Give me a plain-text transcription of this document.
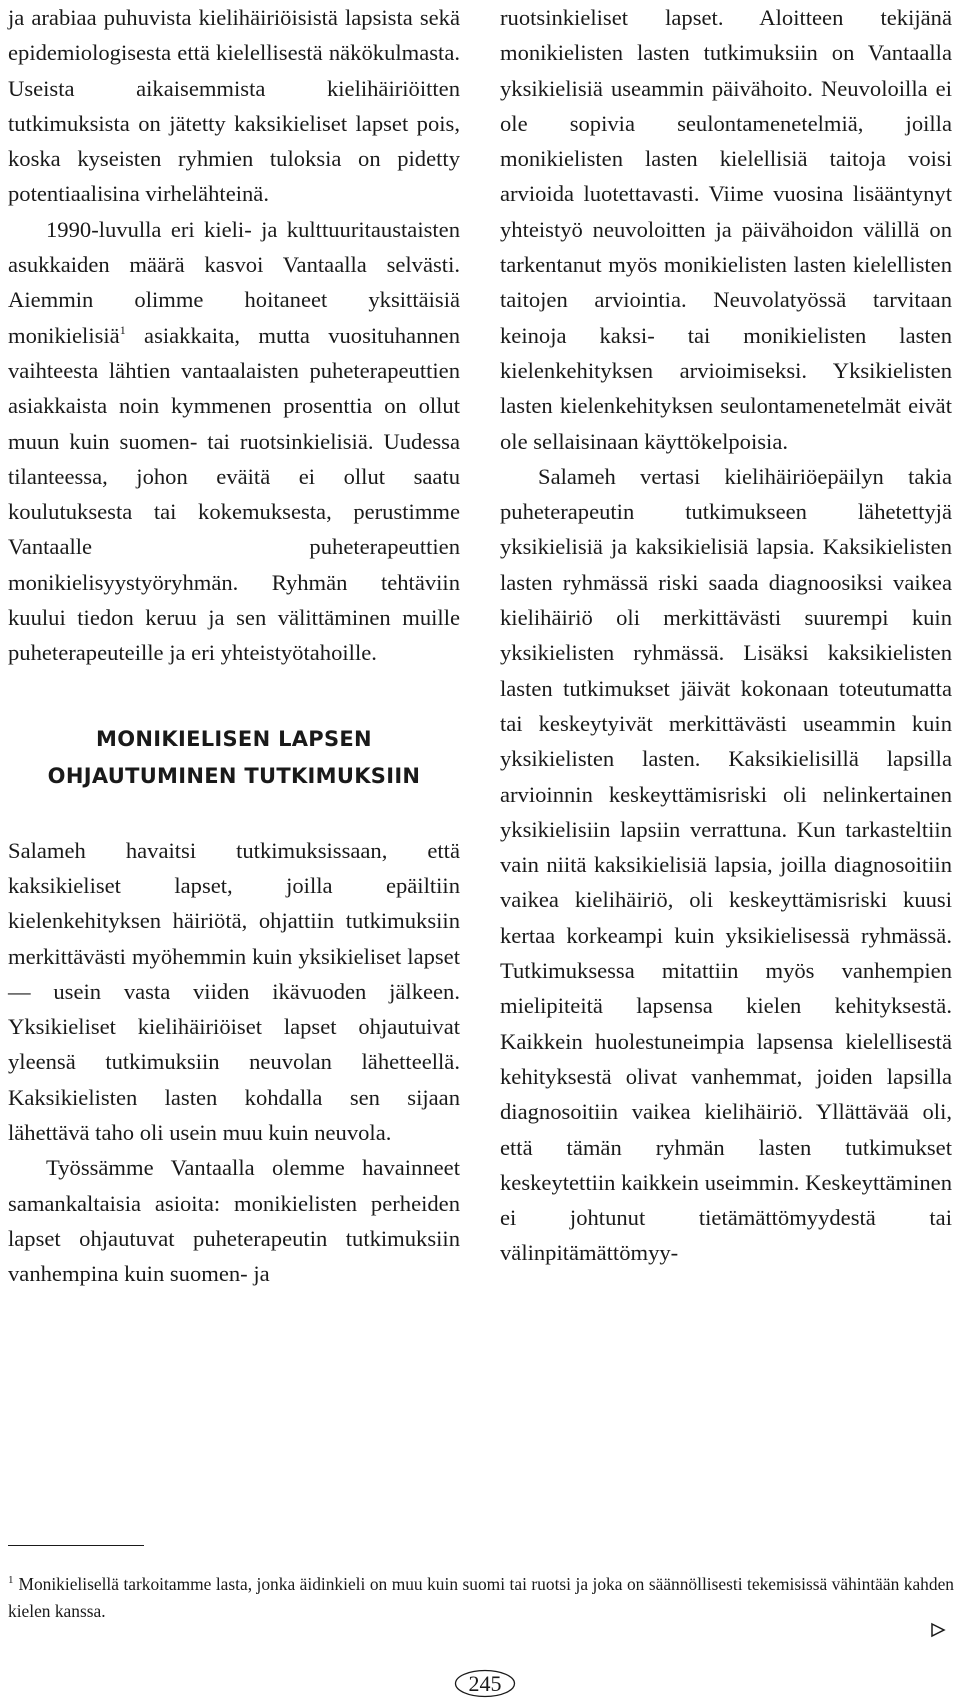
ja arabiaa puhuvista kielihäiriöisistä lapsista sekä epidemiologisesta että kielellisestä näkökulmasta. Useista aikaisemmista kielihäiriöitten tutkimuksista on jätetty kaksikieliset lapset pois, koska kyseisten ryhmien tuloksia on pidetty potentiaalisina virhelähteinä.

1990-luvulla eri kieli- ja kulttuuritaustaisten asukkaiden määrä kasvoi Vantaalla selvästi. Aiemmin olimme hoitaneet yksittäisiä monikielisiä$^1$ asiakkaita, mutta vuosituhannen vaihteesta lähtien vantaalaisten puheterapeuttien asiakkaista noin kymmenen prosenttia on ollut muun kuin suomen- tai ruotsinkielisiä. Uudessa tilanteessa, johon eväitä ei ollut saatu koulutuksesta tai kokemuksesta, perustimme Vantaalle puheterapeuttien monikielisyystyöryhmän. Ryhmän tehtäviin kuului tiedon keruu ja sen välittäminen muille puheterapeuteille ja eri yhteistyötahoille.

MONIKIELISEN LAPSEN
OHJAUTUMINEN TUTKIMUKSIIN

Salameh havaitsi tutkimuksissaan, että kaksikieliset lapset, joilla epäiltiin kielenkehityksen häiriötä, ohjattiin tutkimuksiin merkittävästi myöhemmin kuin yksikieliset lapset — usein vasta viiden ikävuoden jälkeen. Yksikieliset kielihäiriöiset lapset ohjautuivat yleensä tutkimuksiin neuvolan lähetteellä. Kaksikielisten lasten kohdalla sen sijaan lähettävä taho oli usein muu kuin neuvola.

Työssämme Vantaalla olemme havainneet samankaltaisia asioita: monikielisten perheiden lapset ohjautuvat puheterapeutin tutkimuksiin vanhempina kuin suomen- ja

ruotsinkieliset lapset. Aloitteen tekijänä monikielisten lasten tutkimuksiin on Vantaalla yksikielisiä useammin päivähoito. Neuvoloilla ei ole sopivia seulontamenetelmiä, joilla monikielisten lasten kielellisiä taitoja voisi arvioida luotettavasti. Viime vuosina lisääntynyt yhteistyö neuvoloitten ja päivähoidon välillä on tarkentanut myös monikielisten lasten kielellisten taitojen arviointia. Neuvolatyössä tarvitaan keinoja kaksi- tai monikielisten lasten kielenkehityksen arvioimiseksi. Yksikielisten lasten kielenkehityksen seulontamenetelmät eivät ole sellaisinaan käyttökelpoisia.

Salameh vertasi kielihäiriöepäilyn takia puheterapeutin tutkimukseen lähetettyjä yksikielisiä ja kaksikielisiä lapsia. Kaksikielisten lasten ryhmässä riski saada diagnoosiksi vaikea kielihäiriö oli merkittävästi suurempi kuin yksikielisten ryhmässä. Lisäksi kaksikielisten lasten tutkimukset jäivät kokonaan toteutumatta tai keskeytyivät merkittävästi useammin kuin yksikielisten lasten. Kaksikielisillä lapsilla arvioinnin keskeyttämisriski oli nelinkertainen yksikielisiin lapsiin verrattuna. Kun tarkasteltiin vain niitä kaksikielisiä lapsia, joilla diagnosoitiin vaikea kielihäiriö, oli keskeyttämisriski kuusi kertaa korkeampi kuin yksikielisessä ryhmässä. Tutkimuksessa mitattiin myös vanhempien mielipiteitä lapsensa kielen kehityksestä. Kaikkein huolestuneimpia lapsensa kielellisestä kehityksestä olivat vanhemmat, joiden lapsilla diagnosoitiin vaikea kielihäiriö. Yllättävää oli, että tämän ryhmän lasten tutkimukset keskeytettiin kaikkein useimmin. Keskeyttäminen ei johtunut tietämättömyydestä tai välinpitämättömyy-

$^1$ Monikielisellä tarkoitamme lasta, jonka äidinkieli on muu kuin suomi tai ruotsi ja joka on säännöllisesti tekemisissä vähintään kahden kielen kanssa.
245
